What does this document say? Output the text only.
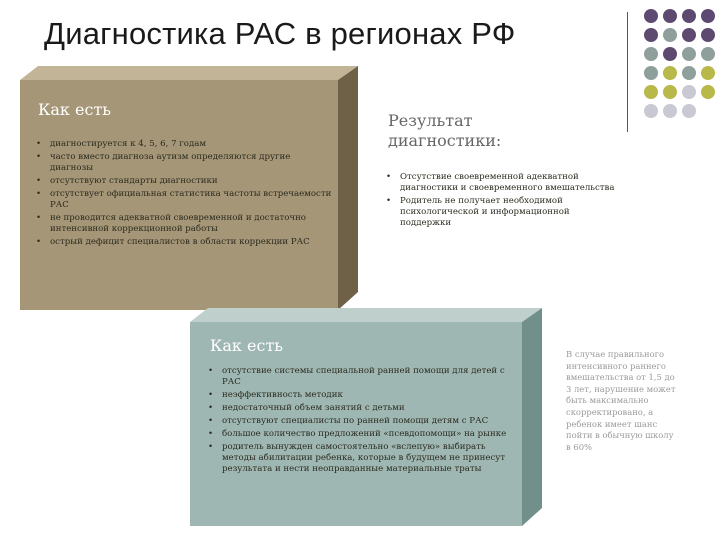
Диагностика РАС в регионах РФ
Как есть
• диагностируется к 4, 5, 6, 7 годам
• часто вместо диагноза аутизм определяются другие диагнозы
• отсутствуют стандарты диагностики
• отсутствует официальная статистика частоты встречаемости РАС
• не проводится адекватной своевременной и достаточно интенсивной коррекционной работы
• острый дефицит специалистов в области коррекции РАС
Результат диагностики:
• Отсутствие своевременной адекватной диагностики и своевременного вмешательства
• Родитель не получает необходимой психологической и информационной поддержки
Как есть
• отсутствие системы специальной ранней помощи для детей с РАС
• неэффективность методик
• недостаточный объем занятий с детьми
• отсутствуют специалисты по ранней помощи детям с РАС
• большое количество предложений «псевдопомощи» на рынке
• родитель вынужден самостоятельно «вслепую» выбирать методы абилитации ребенка, которые в будущем не принесут результата и нести неоправданные материальные траты
В случае правильного интенсивного раннего вмешательства от 1,5 до 3 лет, нарушение может быть максимально скорректировано, а ребенок имеет шанс пойти в обычную школу в 60%
